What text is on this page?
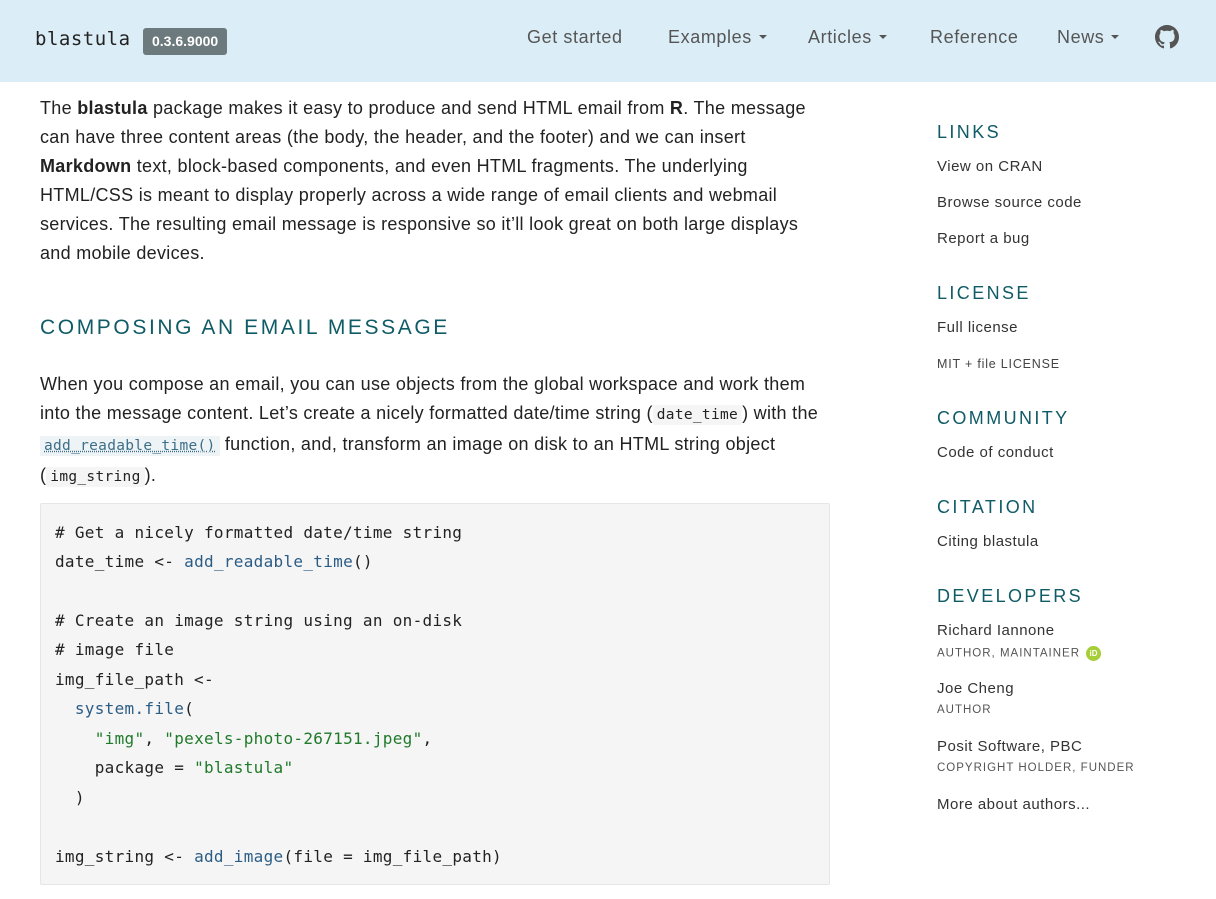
blastula	0.3.6.9000	Get started	Examples	Articles	Reference News

The blastula package makes it easy to produce and send HTML email from R. The message can have three content areas (the body, the header, and the footer) and we can insert Markdown text, block-based components, and even HTML fragments. The underlying HTML/CSS is meant to display properly across a wide range of email clients and webmail services. The resulting email message is responsive so it’ll look great on both large displays and mobile devices.

COMPOSING AN EMAIL MESSAGE

When you compose an email, you can use objects from the global workspace and work them into the message content. Let’s create a nicely formatted date/time string ( date_time ) with the add_readable_time() function, and, transform an image on disk to an HTML string object ( img_string ).

# Get a nicely formatted date/time string
date_time <- add_readable_time()
# Create an image string using an on-disk
# image file
img_file_path <-
system.file(
"img", "pexels-photo-267151.jpeg",
package = "blastula"
)
img_string <- add_image(file = img_file_path)
LINKS
View on CRAN
Browse source code
Report a bug
LICENSE
Full license
MIT + file LICENSE
COMMUNITY
Code of conduct
CITATION
Citing blastula
DEVELOPERS
Richard Iannone
AUTHOR, MAINTAINER iD
Joe Cheng
AUTHOR
Posit Software, PBC
COPYRIGHT HOLDER, FUNDER
More about authors...
